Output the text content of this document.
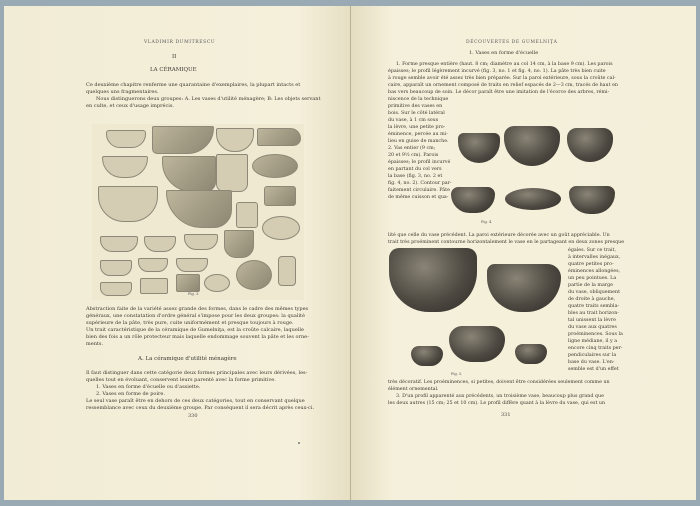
VLADIMIR DUMITRESCU
II
LA CÉRAMIQUE
Ce deuxième chapitre renferme une quarantaine d'exemplaires, la plupart intacts et
quelques uns fragmentaires.
Nous distinguerons deux groupes: A. Les vases d'utilité ménagère; B: Les objets servant
en culte, et ceux d'usage imprécis.
Fig. 3.
Abstraction faite de la variété assez grande des formes, dans le cadre des mêmes types
généraux, une constatation d'ordre général s'impose pour les deux groupes: la qualité
supérieure de la pâte, très pure, cuite uniformément et presque toujours à rouge.
Un trait caractéristique de la céramique de Gumelniţa, est la croûte calcaire, laquelle
bien des fois a un rôle protecteur mais laquelle endommage souvent la pâte et les orne-
ments.
A. La céramique d'utilité ménagère
Il faut distinguer dans cette catégorie deux formes principales avec leurs dérivées, les-
quelles tout en évoluant, conservent leurs parenté avec la forme primitive.
1. Vases en forme d'écuelle ou d'assiette.
2. Vases en forme de poire.
Le seul vase paraît être en dehors de ces deux catégories, tout en conservant quelque
ressemblance avec ceux du deuxième groupe. Par conséquent il sera décrit après ceux-ci.
330
DÉCOUVERTES DE GUMELNIŢA
1. Vases en forme d'écuelle
1. Forme presque entière (haut. 8 cm; diamètre au col 14 cm, à la base 9 cm). Les parois
épaisses; le profil légèrement incurvé (fig. 3, no. 1 et fig. 4, no. 1). La pâte très bien cuite
à rouge semble avoir été assez très bien préparée. Sur la paroi extérieure, sous la croûte cal-
caire, apparaît un ornement composé de traits en relief espacés de 2—3 cm, tracés de haut en
bas vers beaucoup de soin. Le décor paraît être une imitation de l'écorce des arbres, rémi-
niscence de la technique
primitive des vases en
bois. Sur le côté latéral
du vase, à 1 cm sous
la lèvre, une petite pro-
éminence, percée au mi-
lieu en guise de manche.
2. Vas entier (9 cm;
20 et 9½ cm). Parois
épaisses; le profil incurvé
en partant du col vers
la base (fig. 3, no. 2 et
fig. 4, no. 2). Contour par-
faitement circulaire. Pâte
de même cuisson et qua-
Fig. 4.
lité que celle du vase précédent. La paroi extérieure décorée avec un goût appréciable. Un
trait très proéminent contourne horizontalement le vase en le partageant en deux zones presque
Fig. 5.
égales. Sur ce trait,
à intervalles inégaux,
quatre petites pro-
éminences allongées,
un peu pointues. La
partie de la marge
du vase, obliquement
de droite à gauche,
quatre traits sembla-
bles au trait horizon-
tal unissent la lèvre
du vase aux quatres
proéminences. Sous la
ligne médiane, il y a
encore cinq traits per-
pendiculaires sur la
base du vase. L'en-
semble est d'un effet
très décoratif. Les proéminences, si petites, doivent être considérées seulement comme un
élément ornemental.
3. D'un profil apparenté aux précédents, un troisième vase, beaucoup plus grand que
les deux autres (15 cm; 25 et 10 cm). Le profil diffère quant à la lèvre du vase, qui est un
331
